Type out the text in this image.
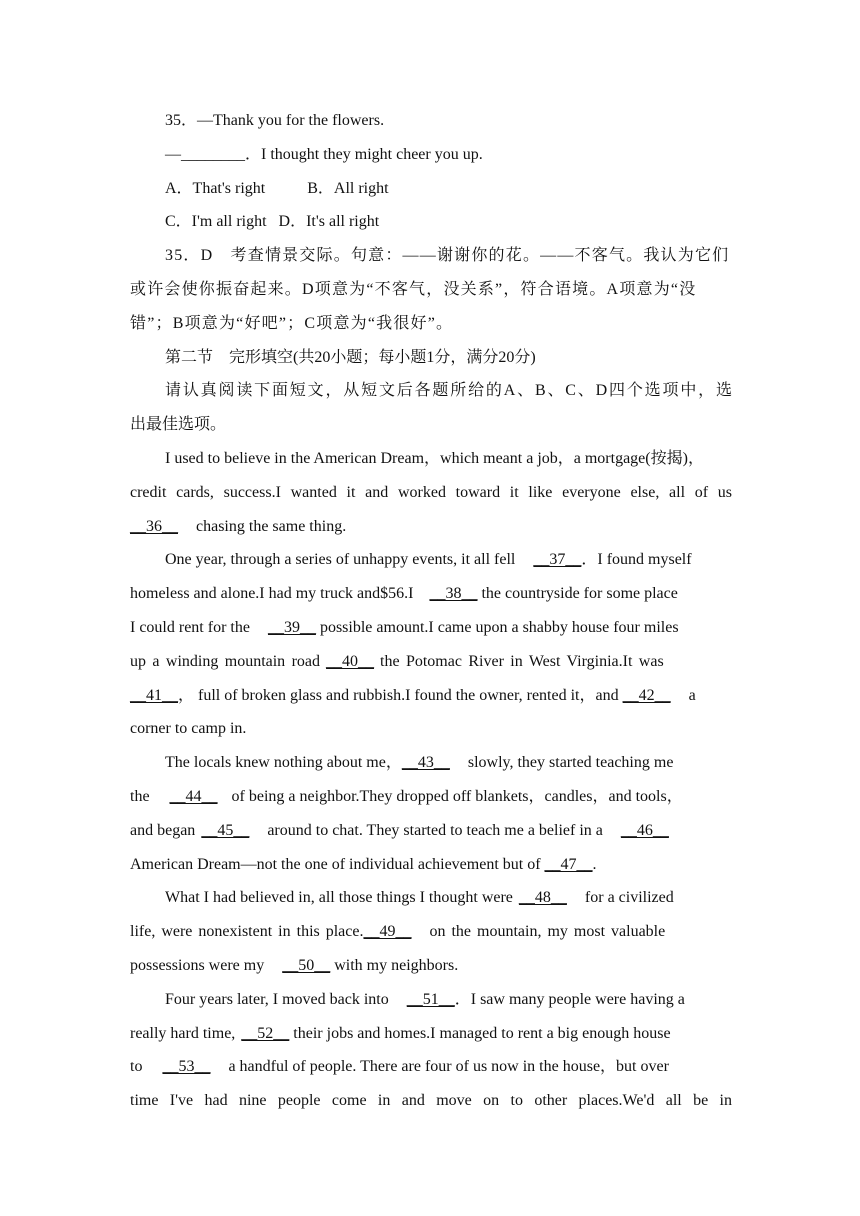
35．—Thank you for the flowers.
—________．I thought they might cheer you up.
A．That's right	B．All right
C．I'm all right D．It's all right
35．D　考查情景交际。句意：——谢谢你的花。——不客气。我认为它们
或许会使你振奋起来。D项意为“不客气，没关系”，符合语境。A项意为“没
错”；B项意为“好吧”；C项意为“我很好”。
第二节　完形填空(共20小题；每小题1分，满分20分)
请认真阅读下面短文，从短文后各题所给的A、B、C、D四个选项中，选
出最佳选项。
I used to believe in the American Dream，which meant a job，a mortgage(按揭)，
credit cards, success.I wanted it and worked toward it like everyone else, all of us
__36__ chasing the same thing.
One year, through a series of unhappy events, it all fell __37__．I found myself
homeless and alone.I had my truck and$56.I __38__ the countryside for some place
I could rent for the __39__ possible amount.I came upon a shabby house four miles
up a winding mountain road __40__ the Potomac River in West Virginia.It was
__41__， full of broken glass and rubbish.I found the owner, rented it，and __42__ a
corner to camp in.
The locals knew nothing about me，__43__ slowly, they started teaching me
the __44__ of being a neighbor.They dropped off blankets，candles，and tools，
and began __45__ around to chat. They started to teach me a belief in a __46__
American Dream—not the one of individual achievement but of __47__.
What I had believed in, all those things I thought were __48__ for a civilized
life, were nonexistent in this place.__49__ on the mountain, my most valuable
possessions were my __50__ with my neighbors.
Four years later, I moved back into __51__．I saw many people were having a
really hard time, __52__ their jobs and homes.I managed to rent a big enough house
to __53__ a handful of people. There are four of us now in the house，but over
time I've had nine people come in and move on to other places.We'd all be in
